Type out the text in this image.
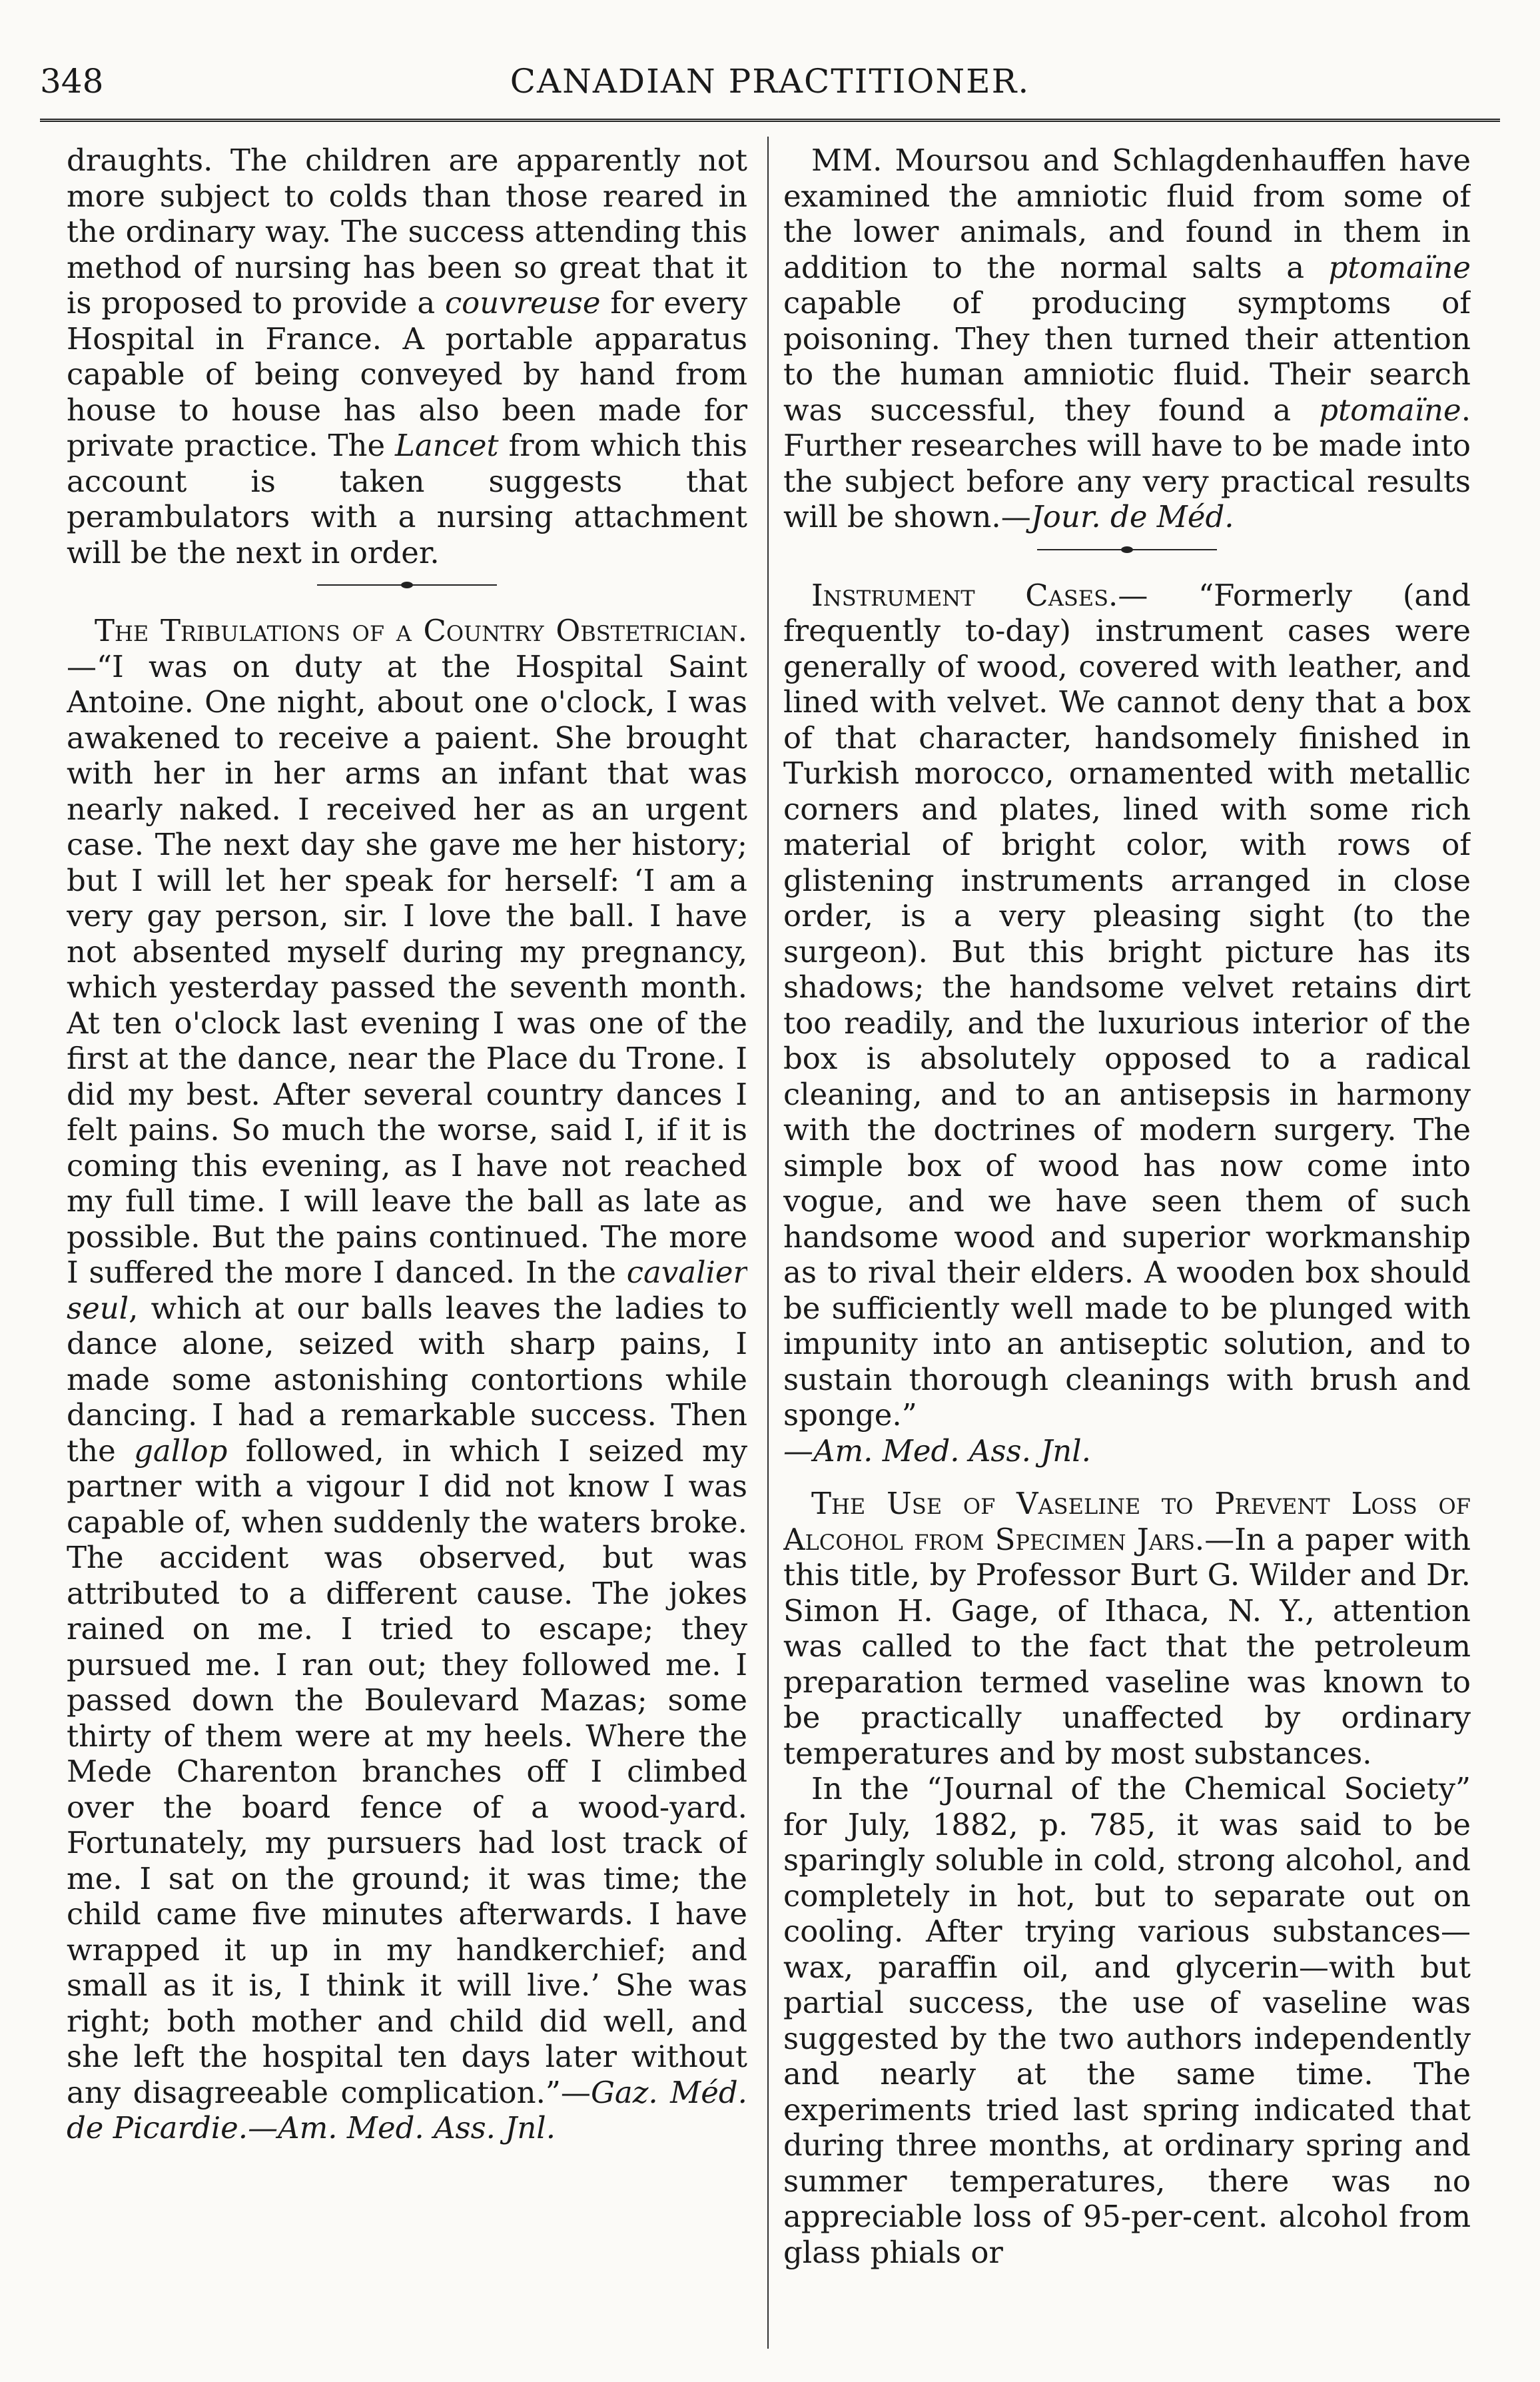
348	CANADIAN PRACTITIONER.

draughts. The children are apparently not more subject to colds than those reared in the ordinary way. The success attending this method of nursing has been so great that it is proposed to provide a couvreuse for every Hospital in France. A portable apparatus capable of being conveyed by hand from house to house has also been made for private practice. The Lancet from which this account is taken suggests that perambulators with a nursing attachment will be the next in order.

The Tribulations of a Country Obstetrician.—“I was on duty at the Hospital Saint Antoine. One night, about one o'clock, I was awakened to receive a paient. She brought with her in her arms an infant that was nearly naked. I received her as an urgent case. The next day she gave me her history; but I will let her speak for herself: ‘I am a very gay person, sir. I love the ball. I have not absented myself during my pregnancy, which yesterday passed the seventh month. At ten o'clock last evening I was one of the first at the dance, near the Place du Trone. I did my best. After several country dances I felt pains. So much the worse, said I, if it is coming this evening, as I have not reached my full time. I will leave the ball as late as possible. But the pains continued. The more I suffered the more I danced. In the cavalier seul, which at our balls leaves the ladies to dance alone, seized with sharp pains, I made some astonishing contortions while dancing. I had a remarkable success. Then the gallop followed, in which I seized my partner with a vigour I did not know I was capable of, when suddenly the waters broke. The accident was observed, but was attributed to a different cause. The jokes rained on me. I tried to escape; they pursued me. I ran out; they followed me. I passed down the Boulevard Mazas; some thirty of them were at my heels. Where the Mede Charenton branches off I climbed over the board fence of a wood-yard. Fortunately, my pursuers had lost track of me. I sat on the ground; it was time; the child came five minutes afterwards. I have wrapped it up in my handkerchief; and small as it is, I think it will live.’ She was right; both mother and child did well, and she left the hospital ten days later without any disagreeable complication.”—Gaz. Méd. de Picardie.—Am. Med. Ass. Jnl.

MM. Moursou and Schlagdenhauffen have examined the amniotic fluid from some of the lower animals, and found in them in addition to the normal salts a ptomaïne capable of producing symptoms of poisoning. They then turned their attention to the human amniotic fluid. Their search was successful, they found a ptomaïne. Further researches will have to be made into the subject before any very practical results will be shown.—Jour. de Méd.

Instrument Cases.— “Formerly (and frequently to-day) instrument cases were generally of wood, covered with leather, and lined with velvet. We cannot deny that a box of that character, handsomely finished in Turkish morocco, ornamented with metallic corners and plates, lined with some rich material of bright color, with rows of glistening instruments arranged in close order, is a very pleasing sight (to the surgeon). But this bright picture has its shadows; the handsome velvet retains dirt too readily, and the luxurious interior of the box is absolutely opposed to a radical cleaning, and to an antisepsis in harmony with the doctrines of modern surgery. The simple box of wood has now come into vogue, and we have seen them of such handsome wood and superior workmanship as to rival their elders. A wooden box should be sufficiently well made to be plunged with impunity into an antiseptic solution, and to sustain thorough cleanings with brush and sponge.”

—Am. Med. Ass. Jnl.

The Use of Vaseline to Prevent Loss of Alcohol from Specimen Jars.—In a paper with this title, by Professor Burt G. Wilder and Dr. Simon H. Gage, of Ithaca, N. Y., attention was called to the fact that the petroleum preparation termed vaseline was known to be practically unaffected by ordinary temperatures and by most substances.

In the “Journal of the Chemical Society” for July, 1882, p. 785, it was said to be sparingly soluble in cold, strong alcohol, and completely in hot, but to separate out on cooling. After trying various substances—wax, paraffin oil, and glycerin—with but partial success, the use of vaseline was suggested by the two authors independently and nearly at the same time. The experiments tried last spring indicated that during three months, at ordinary spring and summer temperatures, there was no appreciable loss of 95-per-cent. alcohol from glass phials or
